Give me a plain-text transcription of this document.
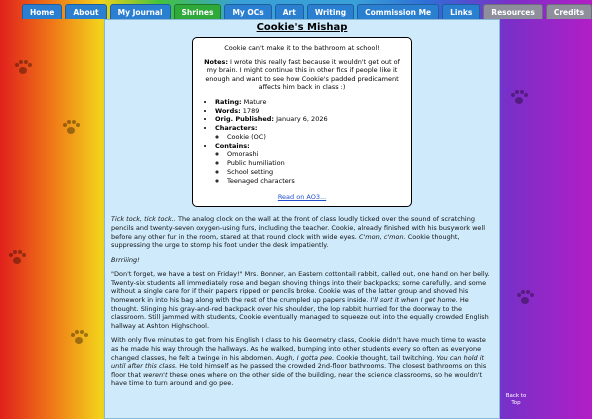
Home	About	My Journal	Shrines	My OCs	Art	Writing	Commission Me	Links	Resources	Credits
Cookie's Mishap

Cookie can't make it to the bathroom at school!

Notes: I wrote this really fast because it wouldn't get out of my brain. I might continue this in other fics if people like it enough and want to see how Cookie's padded predicament affects him back in class :)

• Rating: Mature
• Words: 1789
• Orig. Published: January 6, 2026
• Characters:
◦ Cookie (OC)
• Contains:
◦ Omorashi
◦ Public humiliation
◦ School setting
◦ Teenaged characters
Read on AO3...

Tick tock, tick tock.. The analog clock on the wall at the front of class loudly ticked over the sound of scratching pencils and twenty-seven oxygen-using furs, including the teacher. Cookie, already finished with his busywork well before any other fur in the room, stared at that round clock with wide eyes. C'mon, c'mon. Cookie thought, suppressing the urge to stomp his foot under the desk impatiently.

Brrriiing!

"Don't forget, we have a test on Friday!" Mrs. Bonner, an Eastern cottontail rabbit, called out, one hand on her belly. Twenty-six students all immediately rose and began shoving things into their backpacks; some carefully, and some without a single care for if their papers ripped or pencils broke. Cookie was of the latter group and shoved his homework in into his bag along with the rest of the crumpled up papers inside. I'll sort it when I get home. He thought. Slinging his gray-and-red backpack over his shoulder, the lop rabbit hurried for the doorway to the classroom. Still jammed with students, Cookie eventually managed to squeeze out into the equally crowded English hallway at Ashton Highschool.

With only five minutes to get from his English I class to his Geometry class, Cookie didn't have much time to waste as he made his way through the hallways. As he walked, bumping into other students every so often as everyone changed classes, he felt a twinge in his abdomen. Augh, I gotta pee. Cookie thought, tail twitching. You can hold it until after this class. He told himself as he passed the crowded 2nd-floor bathrooms. The closest bathrooms on this floor that weren't these ones where on the other side of the building, near the science classrooms, so he wouldn't have time to turn around and go pee.

Back to Top
